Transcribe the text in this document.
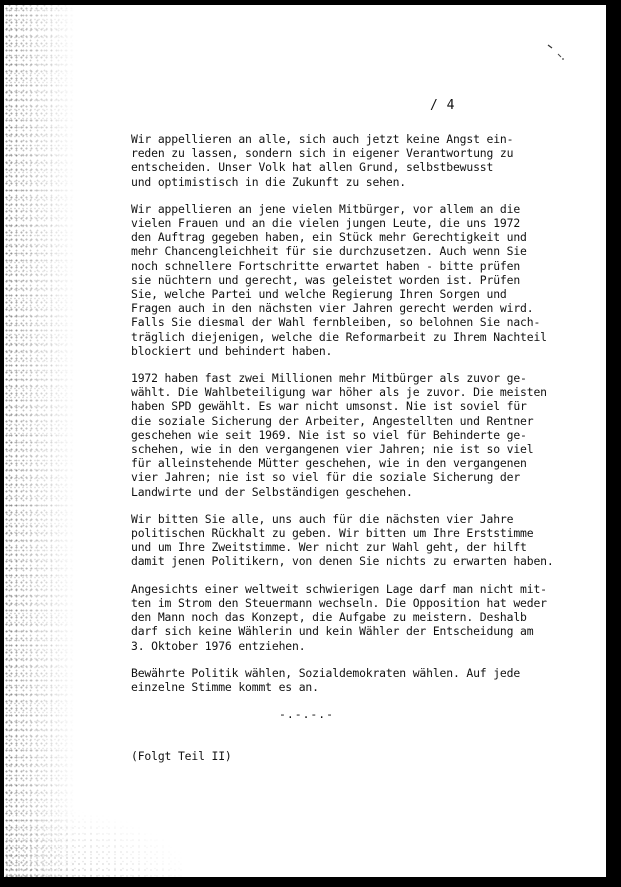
/ 4

Wir appellieren an alle, sich auch jetzt keine Angst ein-
reden zu lassen, sondern sich in eigener Verantwortung zu
entscheiden. Unser Volk hat allen Grund, selbstbewusst
und optimistisch in die Zukunft zu sehen.

Wir appellieren an jene vielen Mitbürger, vor allem an die
vielen Frauen und an die vielen jungen Leute, die uns 1972
den Auftrag gegeben haben, ein Stück mehr Gerechtigkeit und
mehr Chancengleichheit für sie durchzusetzen. Auch wenn Sie
noch schnellere Fortschritte erwartet haben - bitte prüfen
sie nüchtern und gerecht, was geleistet worden ist. Prüfen
Sie, welche Partei und welche Regierung Ihren Sorgen und
Fragen auch in den nächsten vier Jahren gerecht werden wird.
Falls Sie diesmal der Wahl fernbleiben, so belohnen Sie nach-
träglich diejenigen, welche die Reformarbeit zu Ihrem Nachteil
blockiert und behindert haben.

1972 haben fast zwei Millionen mehr Mitbürger als zuvor ge-
wählt. Die Wahlbeteiligung war höher als je zuvor. Die meisten
haben SPD gewählt. Es war nicht umsonst. Nie ist soviel für
die soziale Sicherung der Arbeiter, Angestellten und Rentner
geschehen wie seit 1969. Nie ist so viel für Behinderte ge-
schehen, wie in den vergangenen vier Jahren; nie ist so viel
für alleinstehende Mütter geschehen, wie in den vergangenen
vier Jahren; nie ist so viel für die soziale Sicherung der
Landwirte und der Selbständigen geschehen.

Wir bitten Sie alle, uns auch für die nächsten vier Jahre
politischen Rückhalt zu geben. Wir bitten um Ihre Erststimme
und um Ihre Zweitstimme. Wer nicht zur Wahl geht, der hilft
damit jenen Politikern, von denen Sie nichts zu erwarten haben.

Angesichts einer weltweit schwierigen Lage darf man nicht mit-
ten im Strom den Steuermann wechseln. Die Opposition hat weder
den Mann noch das Konzept, die Aufgabe zu meistern. Deshalb
darf sich keine Wählerin und kein Wähler der Entscheidung am
3. Oktober 1976 entziehen.

Bewährte Politik wählen, Sozialdemokraten wählen. Auf jede
einzelne Stimme kommt es an.

-.-.-.-
(Folgt Teil II)
